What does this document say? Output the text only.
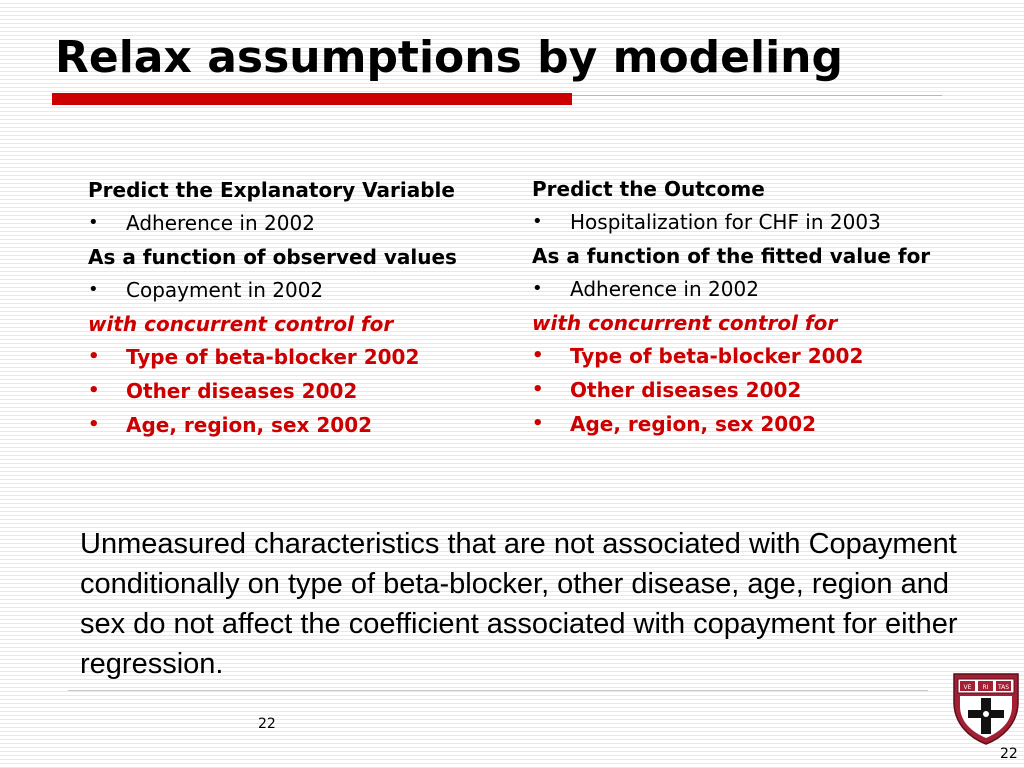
Relax assumptions by modeling

Predict the Explanatory Variable

•	Adherence in 2002

As a function of observed values

•	Copayment in 2002

with concurrent control for

•	Type of beta-blocker 2002
•	Other diseases 2002
•	Age, region, sex 2002

Predict the Outcome

•	Hospitalization for CHF in 2003

As a function of the fitted value for

•	Adherence in 2002

with concurrent control for

•	Type of beta-blocker 2002
•	Other diseases 2002
•	Age, region, sex 2002

Unmeasured characteristics that are not associated with Copayment conditionally on type of beta-blocker, other disease, age, region and sex do not affect the coefficient associated with copayment for either regression.

22
VE RI TAS
22
